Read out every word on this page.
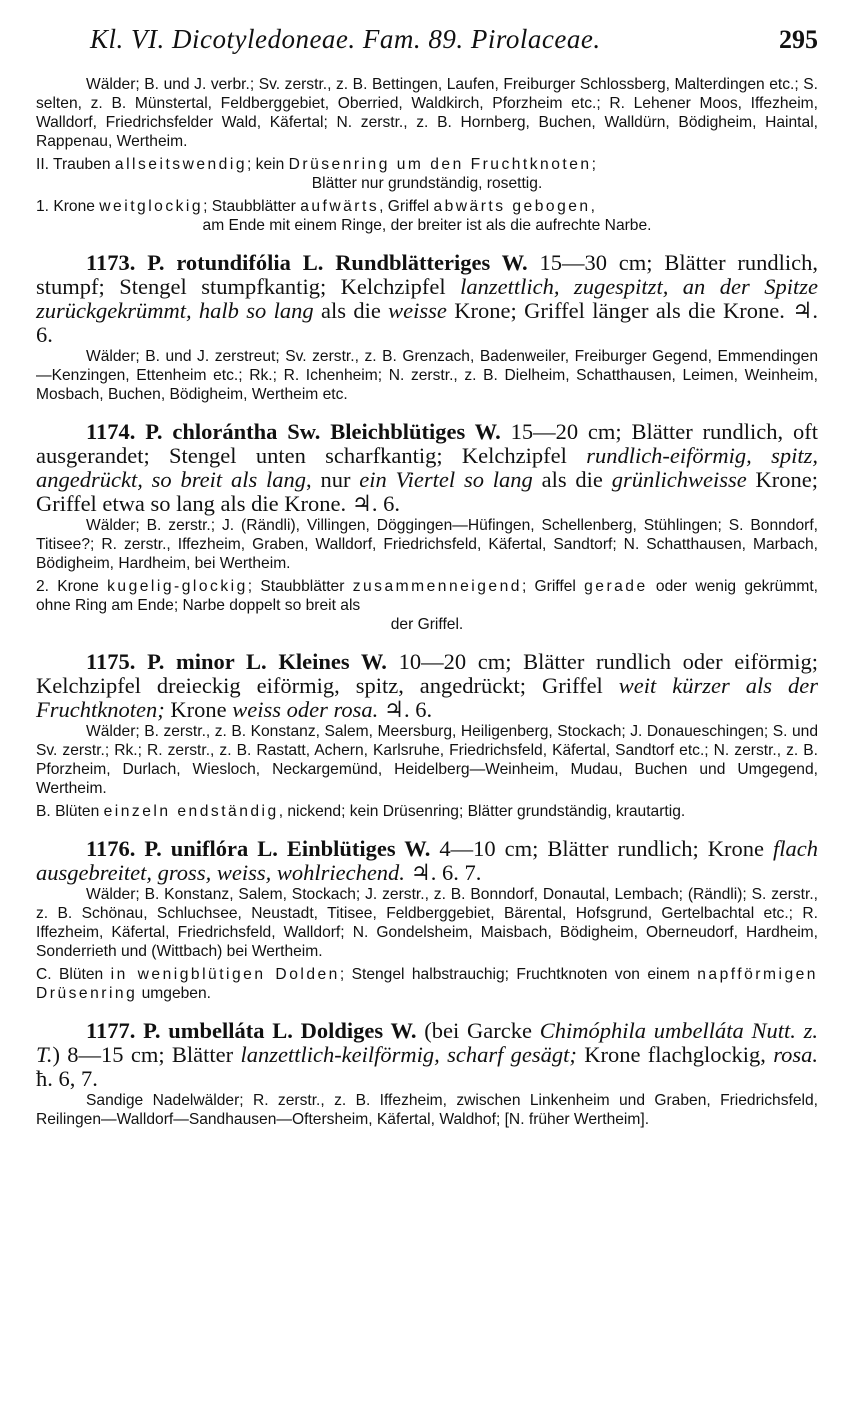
Kl. VI. Dicotyledoneae. Fam. 89. Pirolaceae.	295
Wälder; B. und J. verbr.; Sv. zerstr., z. B. Bettingen, Laufen, Freiburger Schlossberg, Malterdingen etc.; S. selten, z. B. Münstertal, Feldberggebiet, Oberried, Waldkirch, Pforzheim etc.; R. Lehener Moos, Iffezheim, Walldorf, Friedrichsfelder Wald, Käfertal; N. zerstr., z. B. Hornberg, Buchen, Walldürn, Bödigheim, Haintal, Rappenau, Wertheim.
II. Trauben allseitswendig; kein Drüsenring um den Fruchtknoten;
Blätter nur grundständig, rosettig.
1. Krone weitglockig; Staubblätter aufwärts, Griffel abwärts gebogen,
am Ende mit einem Ringe, der breiter ist als die aufrechte Narbe.
1173. P. rotundifólia L. Rundblätteriges W. 15—30 cm; Blätter rundlich, stumpf; Stengel stumpfkantig; Kelchzipfel lanzettlich, zugespitzt, an der Spitze zurückgekrümmt, halb so lang als die weisse Krone; Griffel länger als die Krone. ♃. 6.
Wälder; B. und J. zerstreut; Sv. zerstr., z. B. Grenzach, Badenweiler, Freiburger Gegend, Emmendingen—Kenzingen, Ettenheim etc.; Rk.; R. Ichenheim; N. zerstr., z. B. Dielheim, Schatthausen, Leimen, Weinheim, Mosbach, Buchen, Bödigheim, Wertheim etc.
1174. P. chlorántha Sw. Bleichblütiges W. 15—20 cm; Blätter rundlich, oft ausgerandet; Stengel unten scharfkantig; Kelchzipfel rundlich-eiförmig, spitz, angedrückt, so breit als lang, nur ein Viertel so lang als die grünlichweisse Krone; Griffel etwa so lang als die Krone. ♃. 6.
Wälder; B. zerstr.; J. (Rändli), Villingen, Döggingen—Hüfingen, Schellenberg, Stühlingen; S. Bonndorf, Titisee?; R. zerstr., Iffezheim, Graben, Walldorf, Friedrichsfeld, Käfertal, Sandtorf; N. Schatthausen, Marbach, Bödigheim, Hardheim, bei Wertheim.
2. Krone kugelig-glockig; Staubblätter zusammenneigend; Griffel gerade oder wenig gekrümmt, ohne Ring am Ende; Narbe doppelt so breit als
der Griffel.
1175. P. minor L. Kleines W. 10—20 cm; Blätter rundlich oder eiförmig; Kelchzipfel dreieckig eiförmig, spitz, angedrückt; Griffel weit kürzer als der Fruchtknoten; Krone weiss oder rosa. ♃. 6.
Wälder; B. zerstr., z. B. Konstanz, Salem, Meersburg, Heiligenberg, Stockach; J. Donaueschingen; S. und Sv. zerstr.; Rk.; R. zerstr., z. B. Rastatt, Achern, Karlsruhe, Friedrichsfeld, Käfertal, Sandtorf etc.; N. zerstr., z. B. Pforzheim, Durlach, Wiesloch, Neckargemünd, Heidelberg—Weinheim, Mudau, Buchen und Umgegend, Wertheim.
B. Blüten einzeln endständig, nickend; kein Drüsenring; Blätter grundständig, krautartig.
1176. P. uniflóra L. Einblütiges W. 4—10 cm; Blätter rundlich; Krone flach ausgebreitet, gross, weiss, wohlriechend. ♃. 6. 7.
Wälder; B. Konstanz, Salem, Stockach; J. zerstr., z. B. Bonndorf, Donautal, Lembach; (Rändli); S. zerstr., z. B. Schönau, Schluchsee, Neustadt, Titisee, Feldberggebiet, Bärental, Hofsgrund, Gertelbachtal etc.; R. Iffezheim, Käfertal, Friedrichsfeld, Walldorf; N. Gondelsheim, Maisbach, Bödigheim, Oberneudorf, Hardheim, Sonderrieth und (Wittbach) bei Wertheim.
C. Blüten in wenigblütigen Dolden; Stengel halbstrauchig; Fruchtknoten von einem napfförmigen Drüsenring umgeben.
1177. P. umbelláta L. Doldiges W. (bei Garcke Chimóphila umbelláta Nutt. z. T.) 8—15 cm; Blätter lanzettlich-keilförmig, scharf gesägt; Krone flachglockig, rosa. ħ. 6, 7.
Sandige Nadelwälder; R. zerstr., z. B. Iffezheim, zwischen Linkenheim und Graben, Friedrichsfeld, Reilingen—Walldorf—Sandhausen—Oftersheim, Käfertal, Waldhof; [N. früher Wertheim].
